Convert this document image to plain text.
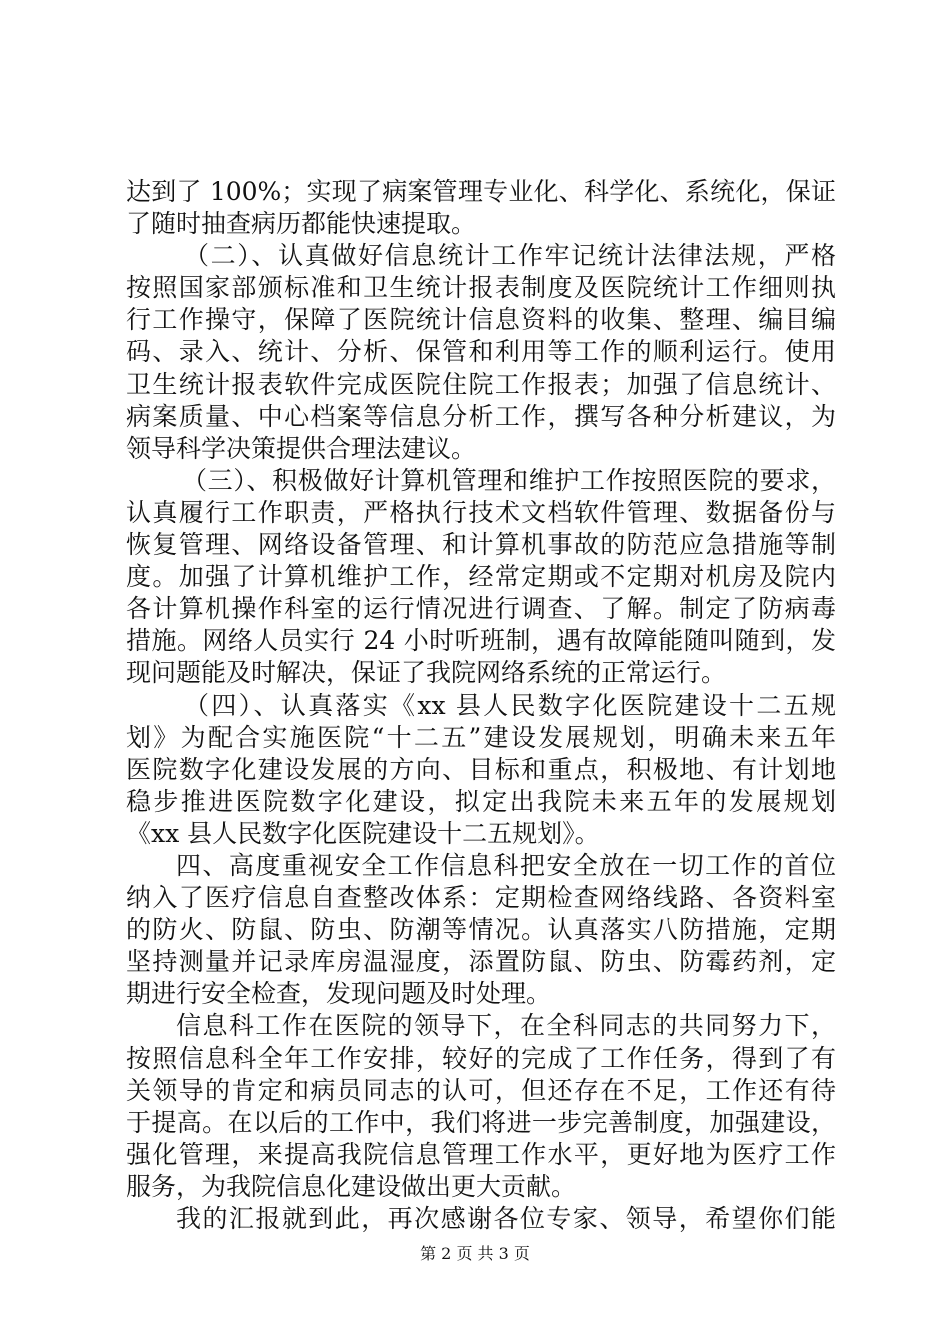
达到了 100%；实现了病案管理专业化、科学化、系统化，保证
了随时抽查病历都能快速提取。
（二）、认真做好信息统计工作牢记统计法律法规，严格
按照国家部颁标准和卫生统计报表制度及医院统计工作细则执
行工作操守，保障了医院统计信息资料的收集、整理、编目编
码、录入、统计、分析、保管和利用等工作的顺利运行。使用
卫生统计报表软件完成医院住院工作报表；加强了信息统计、
病案质量、中心档案等信息分析工作，撰写各种分析建议，为
领导科学决策提供合理法建议。
（三）、积极做好计算机管理和维护工作按照医院的要求，
认真履行工作职责，严格执行技术文档软件管理、数据备份与
恢复管理、网络设备管理、和计算机事故的防范应急措施等制
度。加强了计算机维护工作，经常定期或不定期对机房及院内
各计算机操作科室的运行情况进行调查、了解。制定了防病毒
措施。网络人员实行 24 小时听班制，遇有故障能随叫随到，发
现问题能及时解决，保证了我院网络系统的正常运行。
（四）、认真落实《xx 县人民数字化医院建设十二五规
划》为配合实施医院“十二五”建设发展规划，明确未来五年
医院数字化建设发展的方向、目标和重点，积极地、有计划地
稳步推进医院数字化建设，拟定出我院未来五年的发展规划
《xx 县人民数字化医院建设十二五规划》。
四、高度重视安全工作信息科把安全放在一切工作的首位
纳入了医疗信息自查整改体系：定期检查网络线路、各资料室
的防火、防鼠、防虫、防潮等情况。认真落实八防措施，定期
坚持测量并记录库房温湿度，添置防鼠、防虫、防霉药剂，定
期进行安全检查，发现问题及时处理。
信息科工作在医院的领导下，在全科同志的共同努力下，
按照信息科全年工作安排，较好的完成了工作任务，得到了有
关领导的肯定和病员同志的认可，但还存在不足，工作还有待
于提高。在以后的工作中，我们将进一步完善制度，加强建设，
强化管理，来提高我院信息管理工作水平，更好地为医疗工作
服务，为我院信息化建设做出更大贡献。
我的汇报就到此，再次感谢各位专家、领导，希望你们能
第 2 页 共 3 页
